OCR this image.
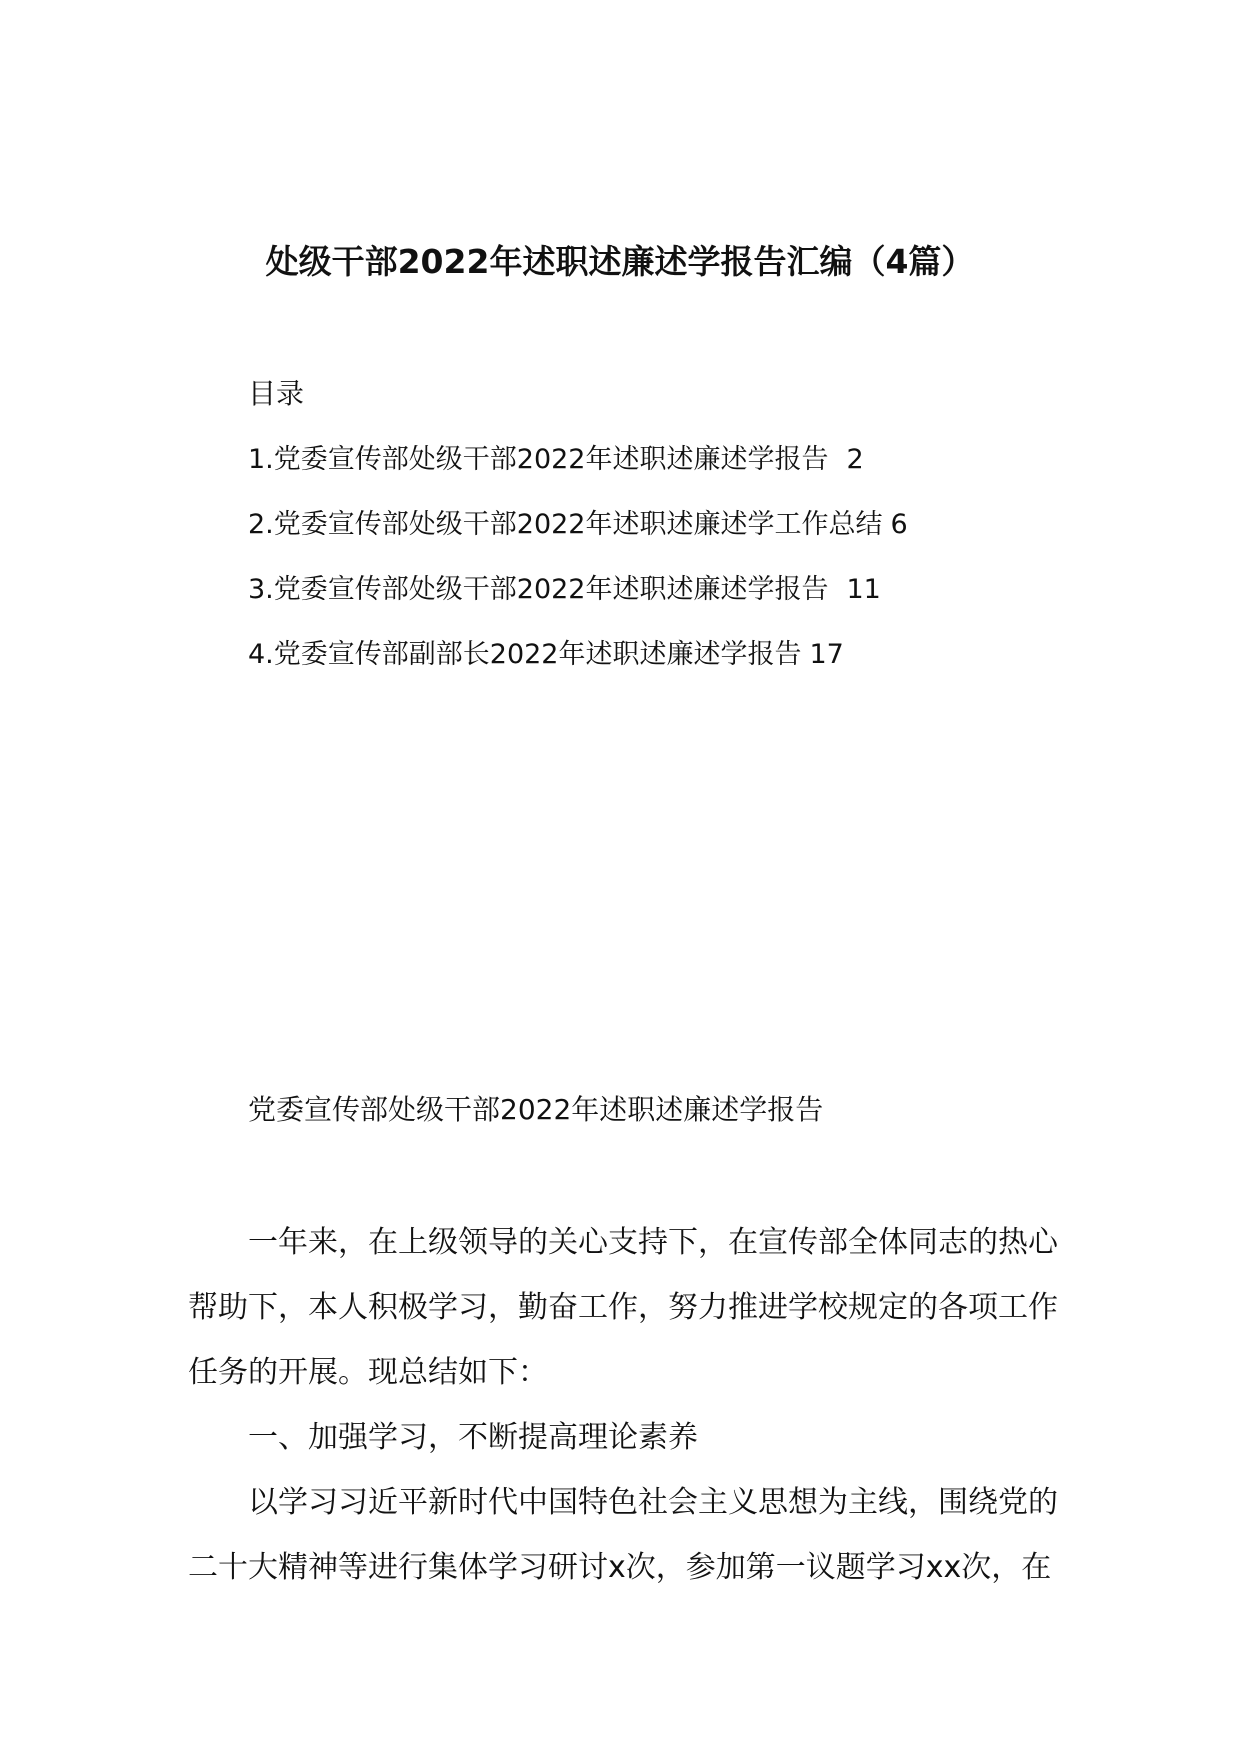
处级干部2022年述职述廉述学报告汇编（4篇）
目录
1.党委宣传部处级干部2022年述职述廉述学报告 2
2.党委宣传部处级干部2022年述职述廉述学工作总结 6
3.党委宣传部处级干部2022年述职述廉述学报告 11
4.党委宣传部副部长2022年述职述廉述学报告 17
党委宣传部处级干部2022年述职述廉述学报告

一年来，在上级领导的关心支持下，在宣传部全体同志的热心帮助下，本人积极学习，勤奋工作，努力推进学校规定的各项工作任务的开展。现总结如下：

一、加强学习，不断提高理论素养

以学习习近平新时代中国特色社会主义思想为主线，围绕党的二十大精神等进行集体学习研讨x次，参加第一议题学习xx次，在
